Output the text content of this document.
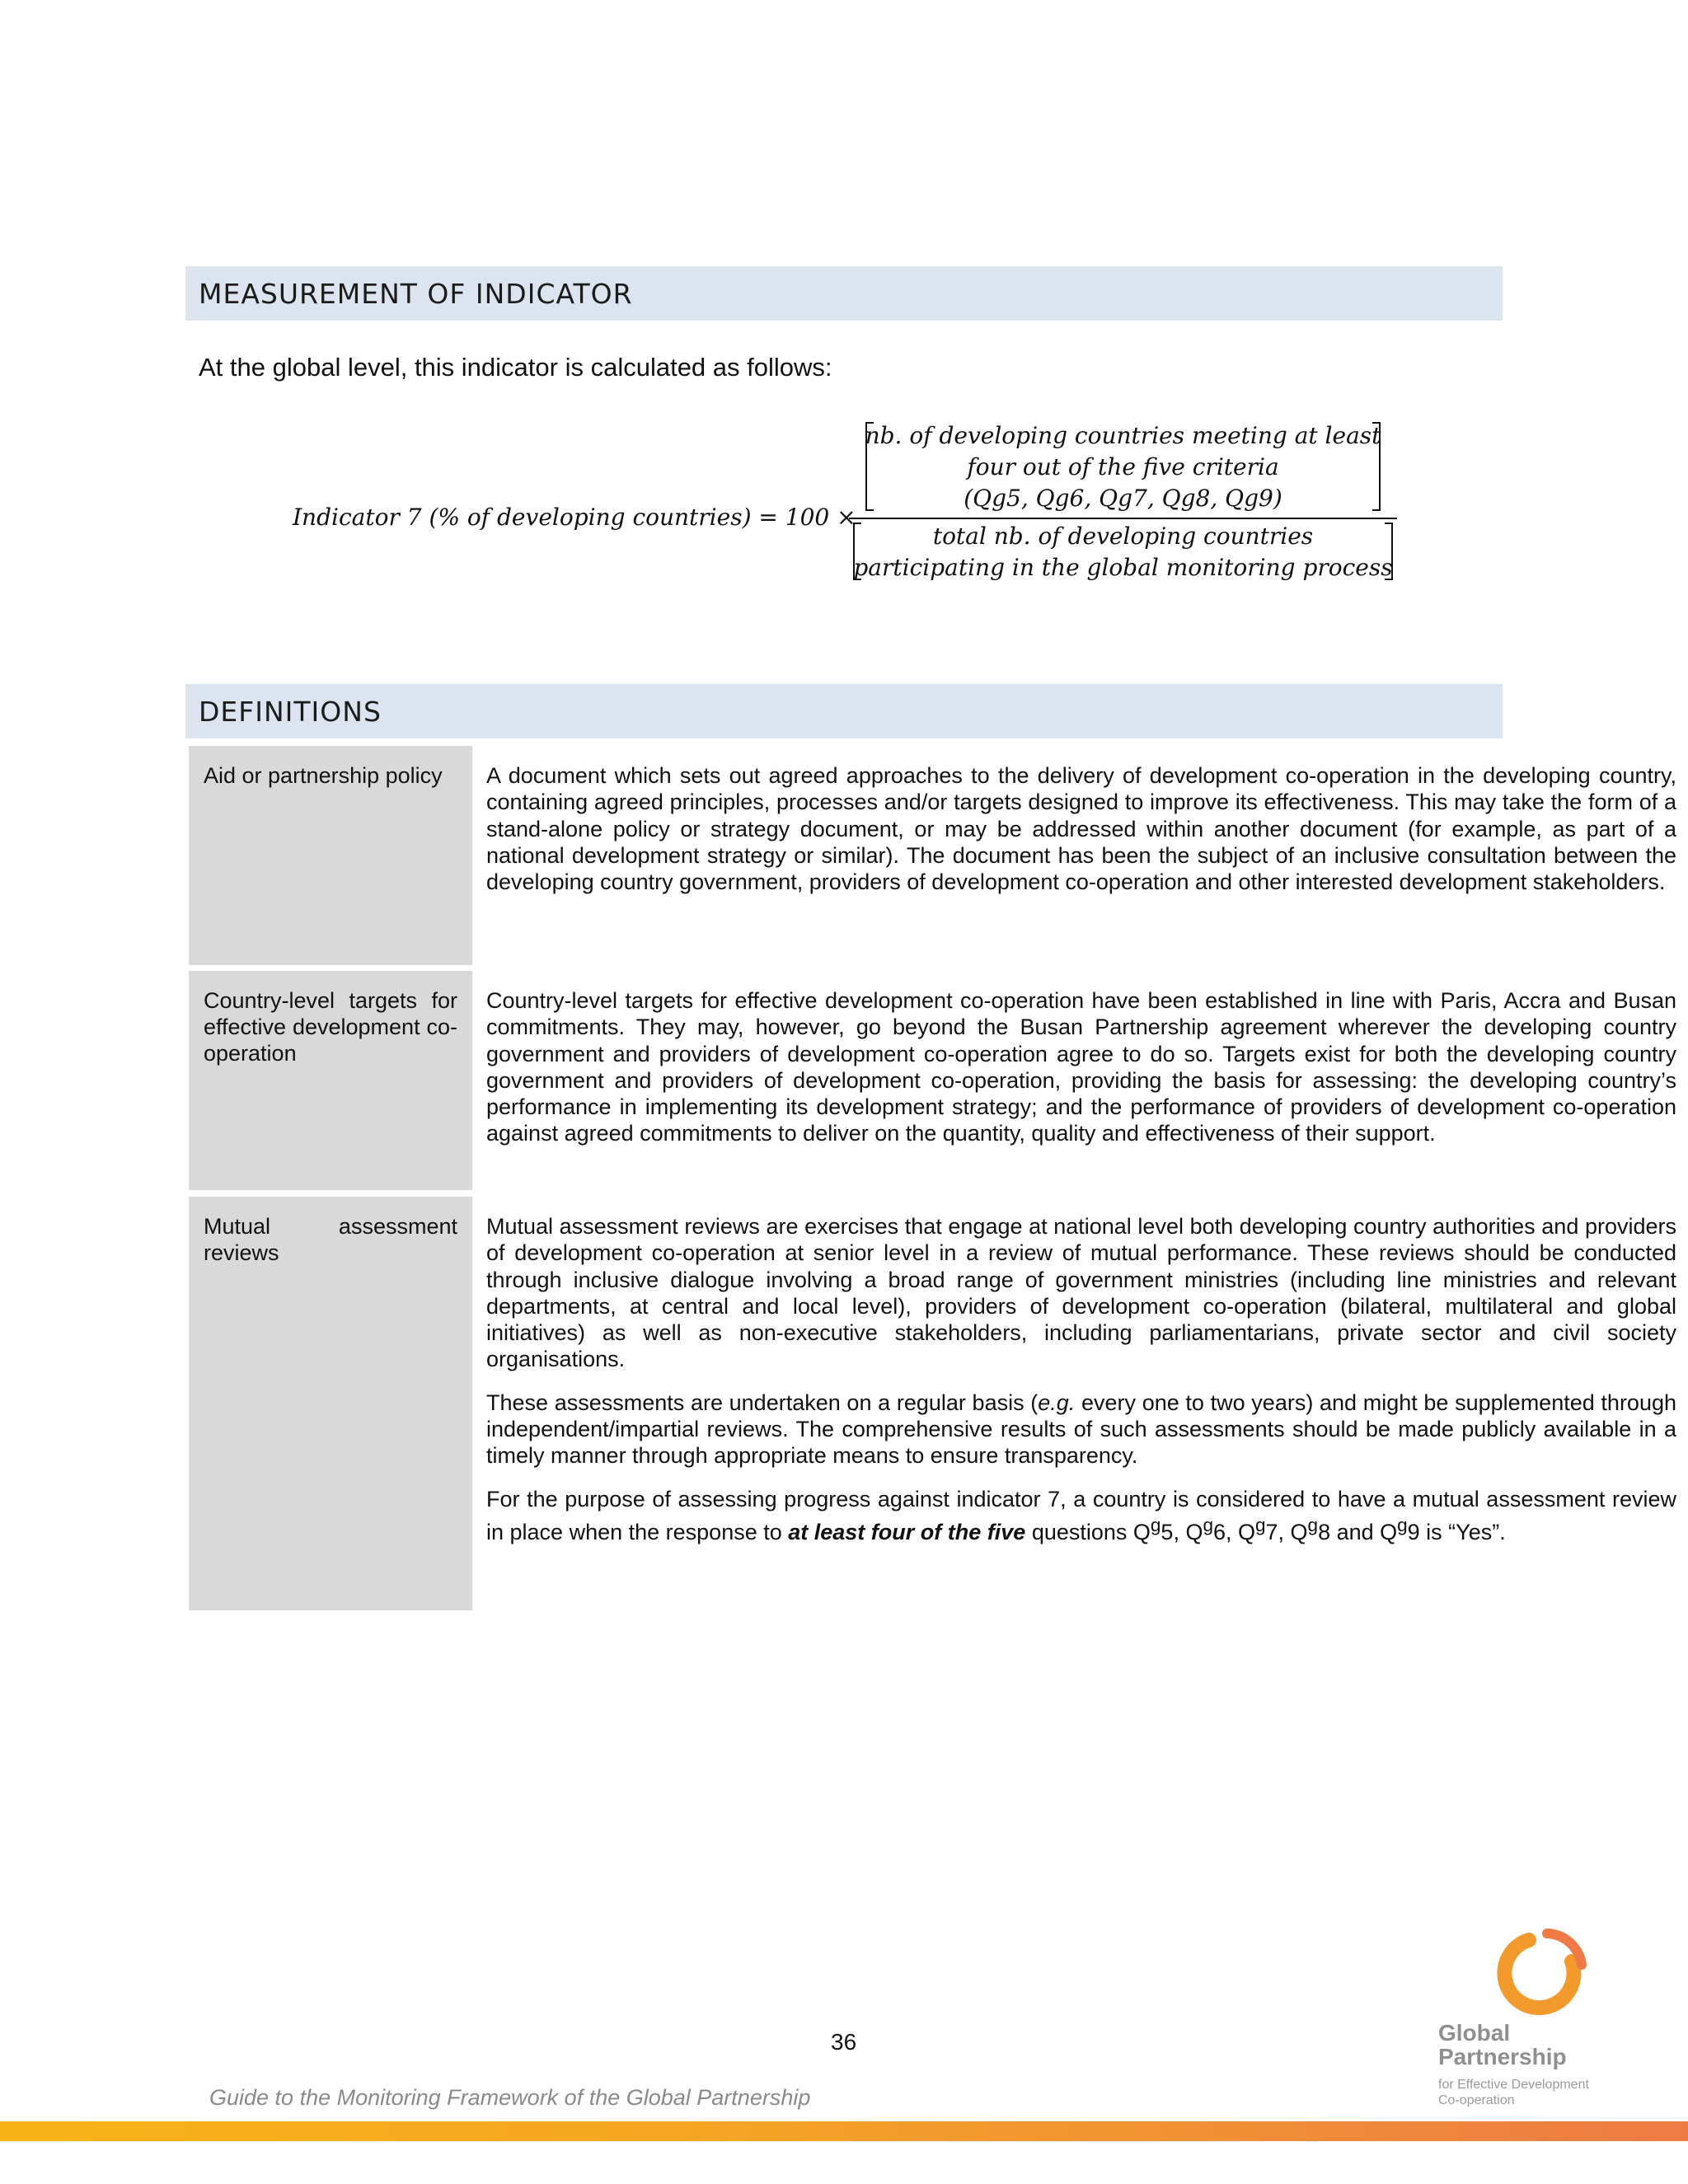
MEASUREMENT OF INDICATOR
At the global level, this indicator is calculated as follows:
Indicator 7 (% of developing countries) = 100 ×
nb. of developing countries meeting at least
four out of the five criteria
(Qg5, Qg6, Qg7, Qg8, Qg9)
total nb. of developing countries
participating in the global monitoring process
DEFINITIONS
Aid or partnership policy	A document which sets out agreed approaches to the delivery of development co-operation in the developing country, containing agreed principles, processes and/or targets designed to improve its effectiveness. This may take the form of a stand-alone policy or strategy document, or may be addressed within another document (for example, as part of a national development strategy or similar). The document has been the subject of an inclusive consultation between the developing country government, providers of development co-operation and other interested development stakeholders.

Country-level targets for effective development co-operation

Country-level targets for effective development co-operation have been established in line with Paris, Accra and Busan commitments. They may, however, go beyond the Busan Partnership agreement wherever the developing country government and providers of development co-operation agree to do so. Targets exist for both the developing country government and providers of development co-operation, providing the basis for assessing: the developing country’s performance in implementing its development strategy; and the performance of providers of development co-operation against agreed commitments to deliver on the quantity, quality and effectiveness of their support.

Mutual assessment reviews

Mutual assessment reviews are exercises that engage at national level both developing country authorities and providers of development co-operation at senior level in a review of mutual performance. These reviews should be conducted through inclusive dialogue involving a broad range of government ministries (including line ministries and relevant departments, at central and local level), providers of development co-operation (bilateral, multilateral and global initiatives) as well as non-executive stakeholders, including parliamentarians, private sector and civil society organisations.

These assessments are undertaken on a regular basis (e.g. every one to two years) and might be supplemented through independent/impartial reviews. The comprehensive results of such assessments should be made publicly available in a timely manner through appropriate means to ensure transparency.

For the purpose of assessing progress against indicator 7, a country is considered to have a mutual assessment review in place when the response to at least four of the five questions $Q^g5$, $Q^g6$, $Q^g7$, $Q^g8$ and $Q^g9$ is “Yes”.

36
Guide to the Monitoring Framework of the Global Partnership
Global
Partnership
for Effective Development
Co-operation
